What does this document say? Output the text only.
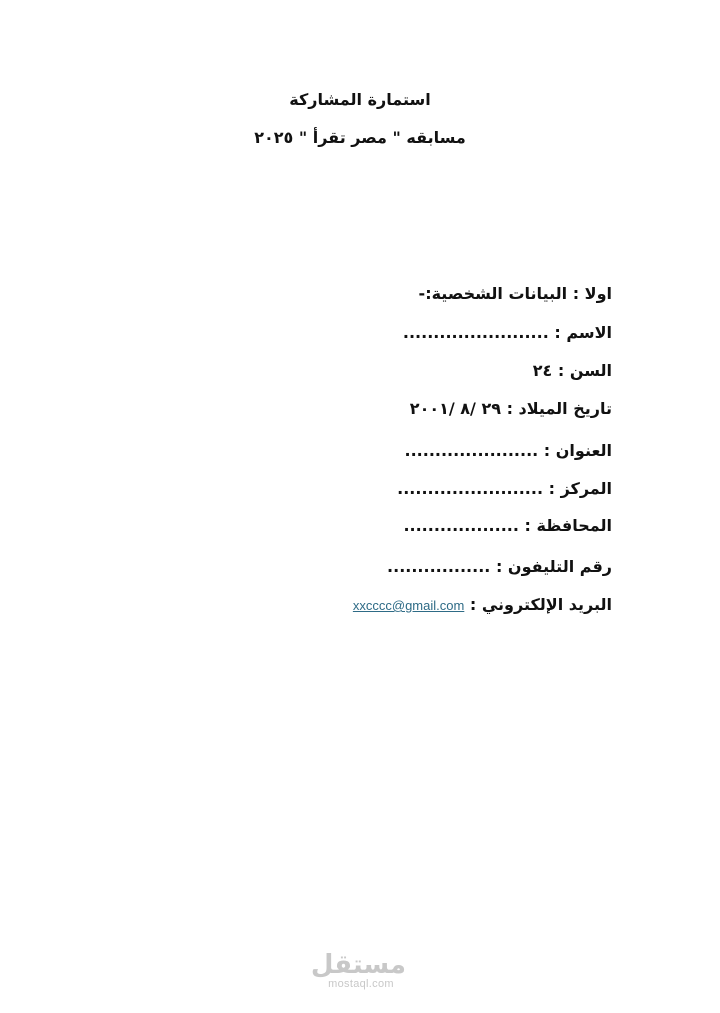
استمارة المشاركة
مسابقه " مصر تقرأ " ٢٠٢٥
اولا : البيانات الشخصية:-
الاسم : ........................
السن : ٢٤
تاريخ الميلاد : ٢٩ /٨ /٢٠٠١
العنوان : ......................
المركز : ........................
المحافظة : ...................
رقم التليفون : .................
البريد الإلكتروني : xxcccc@gmail.com
مستقل
mostaql.com
